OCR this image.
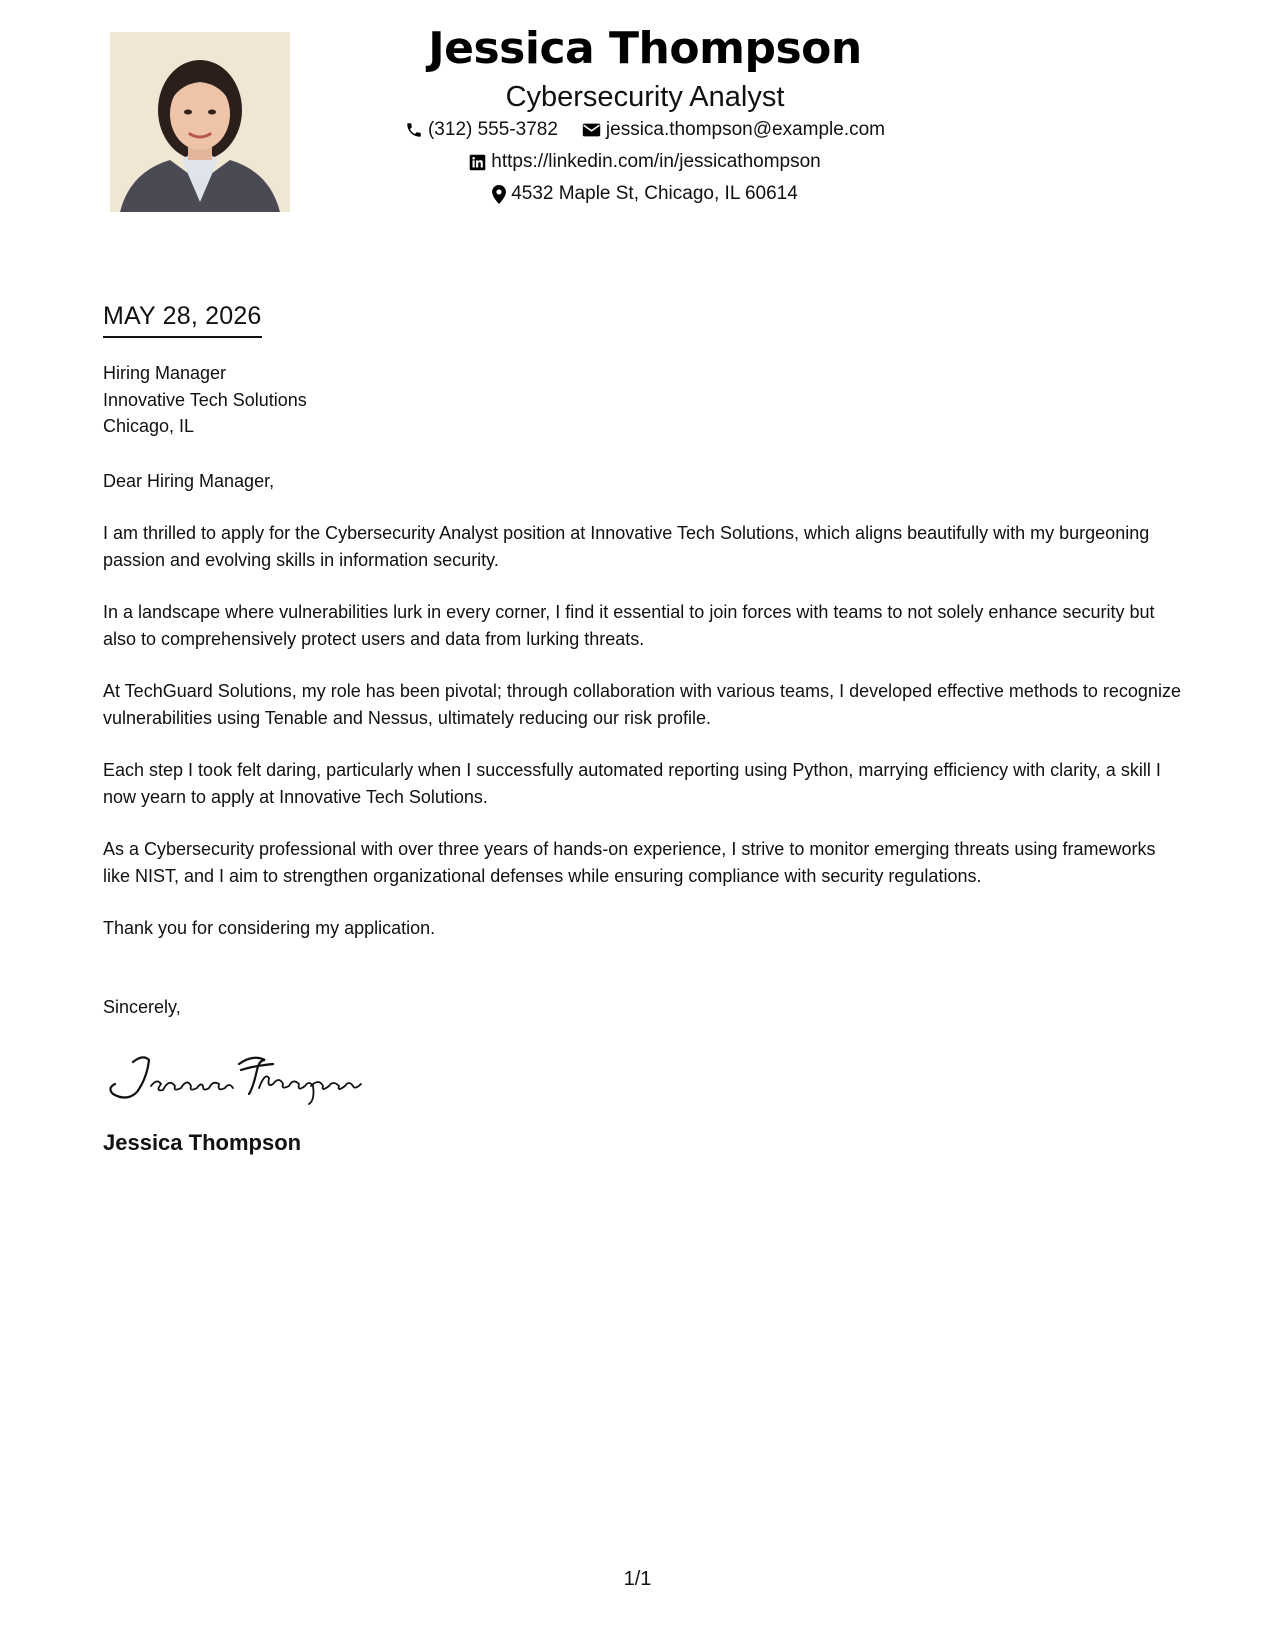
Jessica Thompson
Cybersecurity Analyst
(312) 555-3782	jessica.thompson@example.com
https://linkedin.com/in/jessicathompson
4532 Maple St, Chicago, IL 60614
MAY 28, 2026
Hiring Manager
Innovative Tech Solutions
Chicago, IL
Dear Hiring Manager,
I am thrilled to apply for the Cybersecurity Analyst position at Innovative Tech Solutions, which aligns beautifully with my burgeoning passion and evolving skills in information security.
In a landscape where vulnerabilities lurk in every corner, I find it essential to join forces with teams to not solely enhance security but also to comprehensively protect users and data from lurking threats.
At TechGuard Solutions, my role has been pivotal; through collaboration with various teams, I developed effective methods to recognize vulnerabilities using Tenable and Nessus, ultimately reducing our risk profile.
Each step I took felt daring, particularly when I successfully automated reporting using Python, marrying efficiency with clarity, a skill I now yearn to apply at Innovative Tech Solutions.
As a Cybersecurity professional with over three years of hands-on experience, I strive to monitor emerging threats using frameworks like NIST, and I aim to strengthen organizational defenses while ensuring compliance with security regulations.
Thank you for considering my application.
Sincerely,
Jessica Thompson
1/1
